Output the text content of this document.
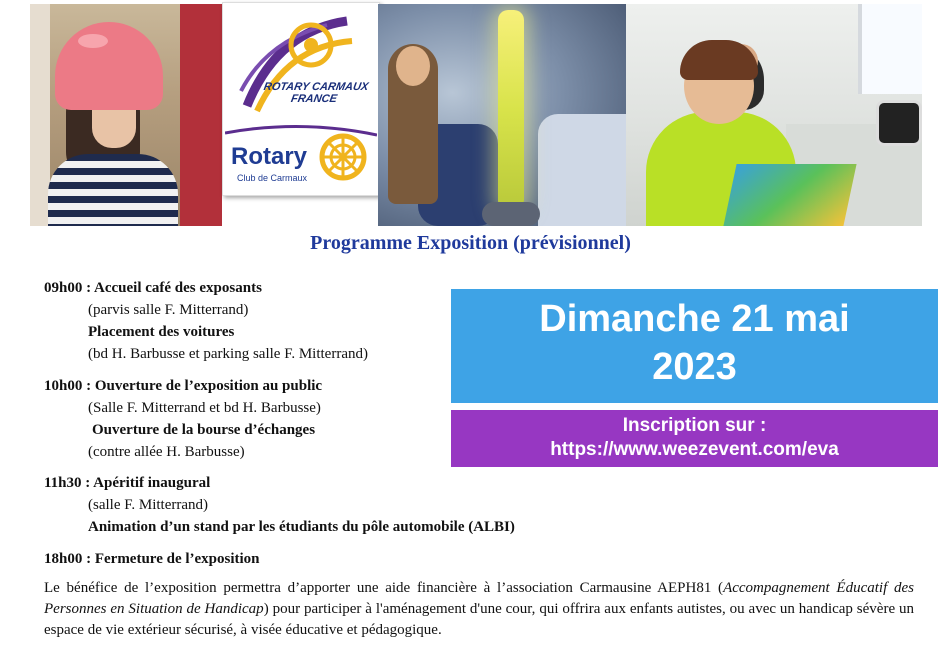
ROTARY CARMAUX FRANCE
Rotary
Club de Carmaux
Programme Exposition (prévisionnel)
09h00 : Accueil café des exposants
(parvis salle F. Mitterrand)
Placement des voitures
(bd H. Barbusse et parking salle F. Mitterrand)
10h00 : Ouverture de l’exposition au public
(Salle F. Mitterrand et bd H. Barbusse)
Ouverture de la bourse d’échanges
(contre allée H. Barbusse)
11h30 : Apéritif inaugural
(salle F. Mitterrand)
Animation d’un stand par les étudiants du pôle automobile (ALBI)
18h00 : Fermeture de l’exposition
Dimanche 21 mai
2023
Inscription sur :
https://www.weezevent.com/eva
Le bénéfice de l’exposition permettra d’apporter une aide financière à l’association Carmausine AEPH81 (Accompagnement Éducatif des Personnes en Situation de Handicap) pour participer à l'aménagement d'une cour, qui offrira aux enfants autistes, ou avec un handicap sévère un espace de vie extérieur sécurisé, à visée éducative et pédagogique.
